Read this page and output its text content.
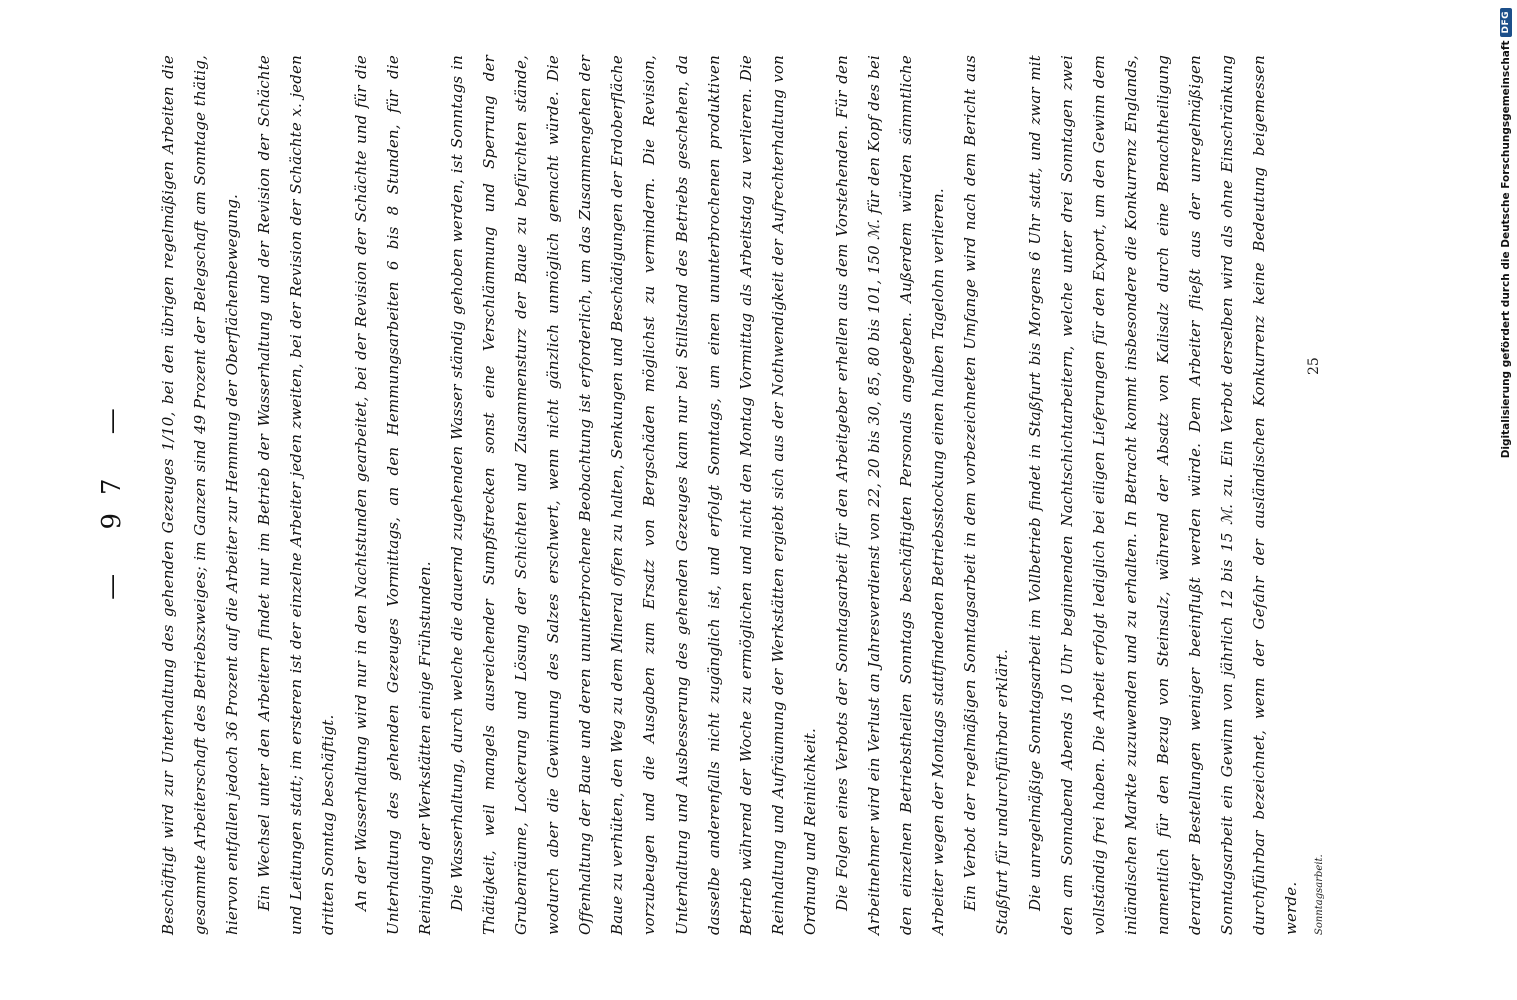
— 97 —	Beschäftigt wird zur Unterhaltung des gehenden Gezeuges 1/10, bei den übrigen regelmäßigen Arbeiten die gesammte Arbeiterschaft des Betriebszweiges; im Ganzen sind 49 Prozent der Belegschaft am Sonntage thätig, hiervon entfallen jedoch 36 Prozent auf die Arbeiter zur Hemmung der Oberflächenbewegung. Ein Wechsel unter den Arbeitern findet nur im Betrieb der Wasserhaltung und der Revision der Schächte und Leitungen statt; im ersteren ist der einzelne Arbeiter jeden zweiten, bei der Revision der Schächte x. jeden dritten Sonntag beschäftigt. An der Wasserhaltung wird nur in den Nachtstunden gearbeitet, bei der Revision der Schächte und für die Unterhaltung des gehenden Gezeuges Vormittags, an den Hemmungsarbeiten 6 bis 8 Stunden, für die Reinigung der Werkstätten einige Frühstunden. Die Wasserhaltung, durch welche die dauernd zugehenden Wasser ständig gehoben werden, ist Sonntags in Thätigkeit, weil mangels ausreichender Sumpfstrecken sonst eine Verschlämmung und Sperrung der Grubenräume, Lockerung und Lösung der Schichten und Zusammensturz der Baue zu befürchten stände, wodurch aber die Gewinnung des Salzes erschwert, wenn nicht gänzlich unmöglich gemacht würde. Die Offenhaltung der Baue und deren ununterbrochene Beobachtung ist erforderlich, um das Zusammengehen der Baue zu verhüten, den Weg zu dem Mineral offen zu halten, Senkungen und Beschädigungen der Erdoberfläche vorzubeugen und die Ausgaben zum Ersatz von Bergschäden möglichst zu vermindern. Die Revision, Unterhaltung und Ausbesserung des gehenden Gezeuges kann nur bei Stillstand des Betriebs geschehen, da dasselbe anderenfalls nicht zugänglich ist, und erfolgt Sonntags, um einen ununterbrochenen produktiven Betrieb während der Woche zu ermöglichen und nicht den Montag Vormittag als Arbeitstag zu verlieren. Die Reinhaltung und Aufräumung der Werkstätten ergiebt sich aus der Nothwendigkeit der Aufrechterhaltung von Ordnung und Reinlichkeit. Die Folgen eines Verbots der Sonntagsarbeit für den Arbeitgeber erhellen aus dem Vorstehenden. Für den Arbeitnehmer wird ein Verlust an Jahresverdienst von 22, 20 bis 30, 85, 80 bis 101, 150 ℳ. für den Kopf des bei den einzelnen Betriebstheilen Sonntags beschäftigten Personals angegeben. Außerdem würden sämmtliche Arbeiter wegen der Montags stattfindenden Betriebsstockung einen halben Tagelohn verlieren. Ein Verbot der regelmäßigen Sonntagsarbeit in dem vorbezeichneten Umfange wird nach dem Bericht aus Staßfurt für undurchführbar erklärt. Die unregelmäßige Sonntagsarbeit im Vollbetrieb findet in Staßfurt bis Morgens 6 Uhr statt, und zwar mit den am Sonnabend Abends 10 Uhr beginnenden Nachtschichtarbeitern, welche unter drei Sonntagen zwei vollständig frei haben. Die Arbeit erfolgt lediglich bei eiligen Lieferungen für den Export, um den Gewinn dem inländischen Markte zuzuwenden und zu erhalten. In Betracht kommt insbesondere die Konkurrenz Englands, namentlich für den Bezug von Steinsalz, während der Absatz von Kalisalz durch eine Benachtheiligung derartiger Bestellungen weniger beeinflußt werden würde. Dem Arbeiter fließt aus der unregelmäßigen Sonntagsarbeit ein Gewinn von jährlich 12 bis 15 ℳ. zu. Ein Verbot derselben wird als ohne Einschränkung durchführbar bezeichnet, wenn der Gefahr der ausländischen Konkurrenz keine Bedeutung beigemessen werde.	Sonntagsarbeit.
25	Digitalisierung gefördert durch die Deutsche Forschungsgemeinschaft
DFG
